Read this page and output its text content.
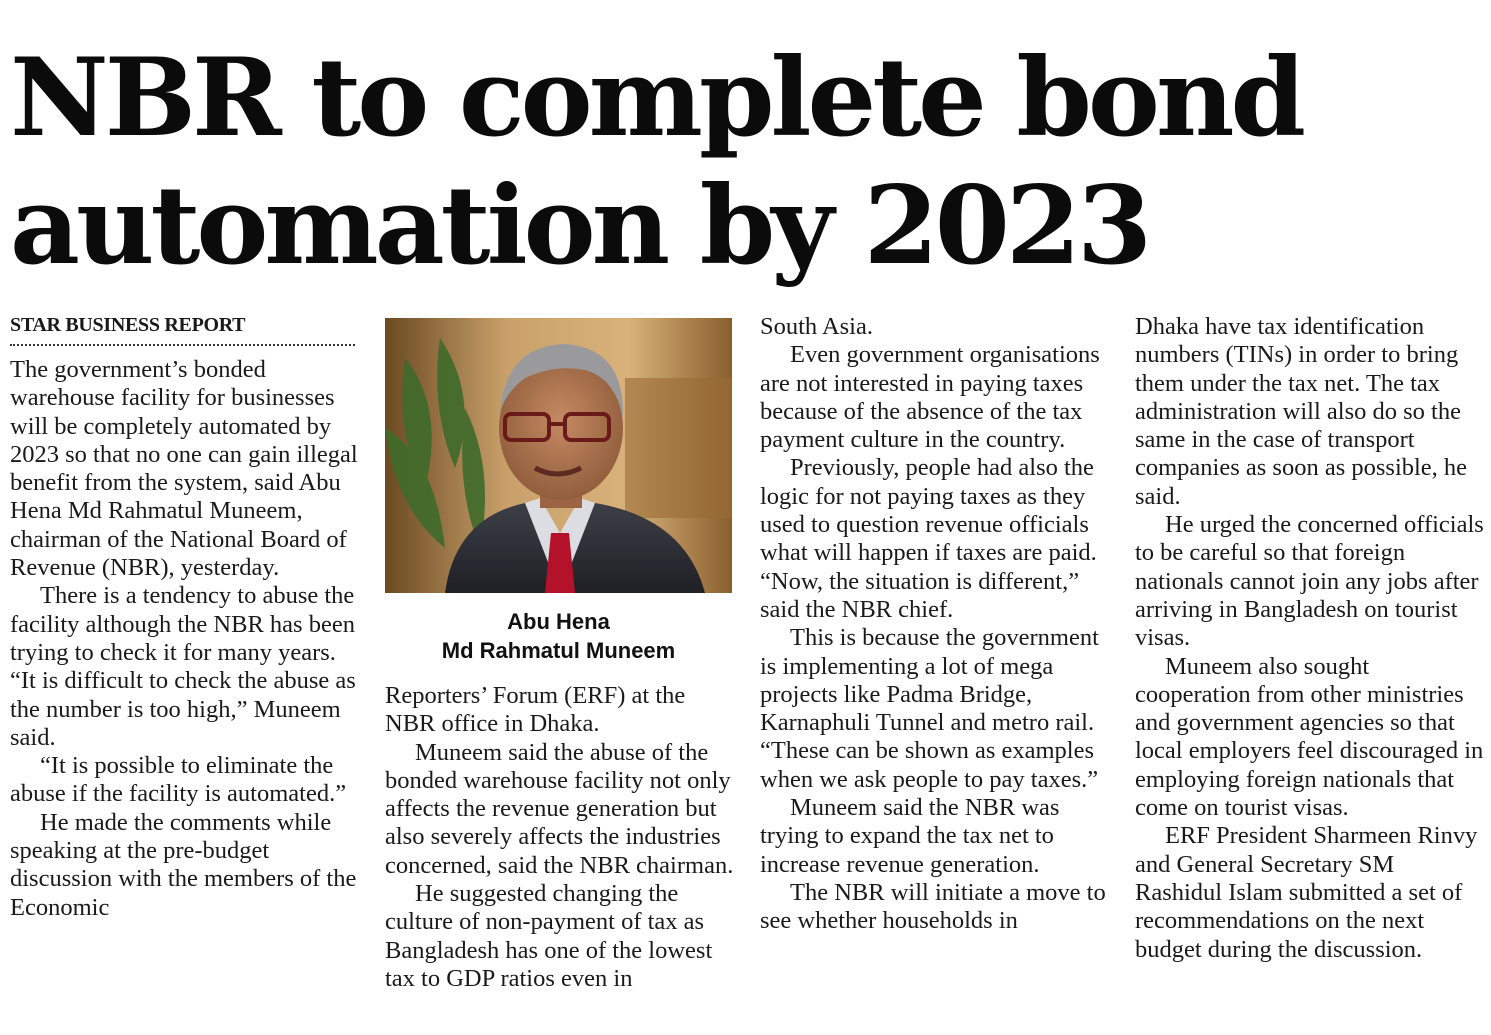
NBR to complete bond
automation by 2023
STAR BUSINESS REPORT

The government’s bonded warehouse facility for businesses will be completely automated by 2023 so that no one can gain illegal benefit from the system, said Abu Hena Md Rahmatul Muneem, chairman of the National Board of Revenue (NBR), yesterday.

There is a tendency to abuse the facility although the NBR has been trying to check it for many years. “It is difficult to check the abuse as the number is too high,” Muneem said.

“It is possible to eliminate the abuse if the facility is automated.”

He made the comments while speaking at the pre-budget discussion with the members of the Economic

Abu Hena
Md Rahmatul Muneem

Reporters’ Forum (ERF) at the NBR office in Dhaka.

Muneem said the abuse of the bonded warehouse facility not only affects the revenue generation but also severely affects the industries concerned, said the NBR chairman.

He suggested changing the culture of non-payment of tax as Bangladesh has one of the lowest tax to GDP ratios even in

South Asia.

Even government organisations are not interested in paying taxes because of the absence of the tax payment culture in the country.

Previously, people had also the logic for not paying taxes as they used to question revenue officials what will happen if taxes are paid. “Now, the situation is different,” said the NBR chief.

This is because the government is implementing a lot of mega projects like Padma Bridge, Karnaphuli Tunnel and metro rail. “These can be shown as examples when we ask people to pay taxes.”

Muneem said the NBR was trying to expand the tax net to increase revenue generation.

The NBR will initiate a move to see whether households in

Dhaka have tax identification numbers (TINs) in order to bring them under the tax net. The tax administration will also do so the same in the case of transport companies as soon as possible, he said.

He urged the concerned officials to be careful so that foreign nationals cannot join any jobs after arriving in Bangladesh on tourist visas.

Muneem also sought cooperation from other ministries and government agencies so that local employers feel discouraged in employing foreign nationals that come on tourist visas.

ERF President Sharmeen Rinvy and General Secretary SM Rashidul Islam submitted a set of recommendations on the next budget during the discussion.
